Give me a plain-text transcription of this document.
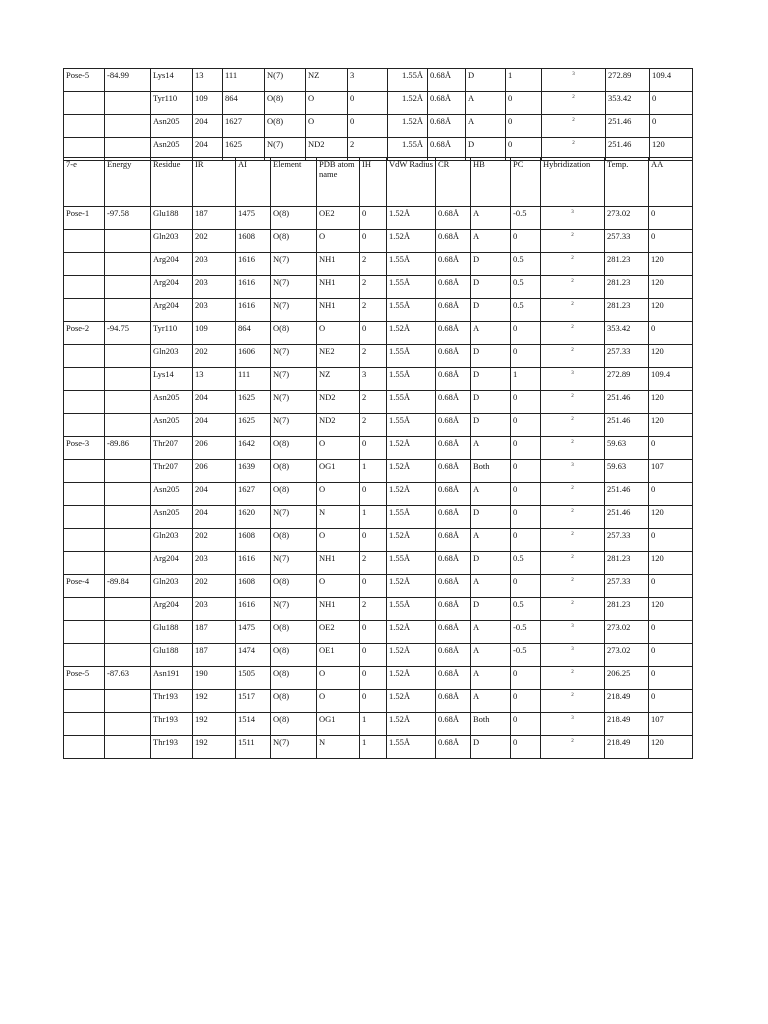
Pose-5	-84.99	Lys14	13	111	N(7)	NZ	3	1.55Å	0.68Å	D	1	3	272.89	109.4
		Tyr110	109	864	O(8)	O	0	1.52Å	0.68Å	A	0	2	353.42	0
		Asn205	204	1627	O(8)	O	0	1.52Å	0.68Å	A	0	2	251.46	0
		Asn205	204	1625	N(7)	ND2	2	1.55Å	0.68Å	D	0	2	251.46	120
7-e	Energy	Residue	IR	AI	Element	PDB atom name	IH	VdW Radius	CR	HB	PC	Hybridization	Temp.	AA
Pose-1	-97.58	Glu188	187	1475	O(8)	OE2	0	1.52Å	0.68Å	A	-0.5	3	273.02	0
		Gln203	202	1608	O(8)	O	0	1.52Å	0.68Å	A	0	2	257.33	0
		Arg204	203	1616	N(7)	NH1	2	1.55Å	0.68Å	D	0.5	2	281.23	120
		Arg204	203	1616	N(7)	NH1	2	1.55Å	0.68Å	D	0.5	2	281.23	120
		Arg204	203	1616	N(7)	NH1	2	1.55Å	0.68Å	D	0.5	2	281.23	120
Pose-2	-94.75	Tyr110	109	864	O(8)	O	0	1.52Å	0.68Å	A	0	2	353.42	0
		Gln203	202	1606	N(7)	NE2	2	1.55Å	0.68Å	D	0	2	257.33	120
		Lys14	13	111	N(7)	NZ	3	1.55Å	0.68Å	D	1	3	272.89	109.4
		Asn205	204	1625	N(7)	ND2	2	1.55Å	0.68Å	D	0	2	251.46	120
		Asn205	204	1625	N(7)	ND2	2	1.55Å	0.68Å	D	0	2	251.46	120
Pose-3	-89.86	Thr207	206	1642	O(8)	O	0	1.52Å	0.68Å	A	0	2	59.63	0
		Thr207	206	1639	O(8)	OG1	1	1.52Å	0.68Å	Both	0	3	59.63	107
		Asn205	204	1627	O(8)	O	0	1.52Å	0.68Å	A	0	2	251.46	0
		Asn205	204	1620	N(7)	N	1	1.55Å	0.68Å	D	0	2	251.46	120
		Gln203	202	1608	O(8)	O	0	1.52Å	0.68Å	A	0	2	257.33	0
		Arg204	203	1616	N(7)	NH1	2	1.55Å	0.68Å	D	0.5	2	281.23	120
Pose-4	-89.84	Gln203	202	1608	O(8)	O	0	1.52Å	0.68Å	A	0	2	257.33	0
		Arg204	203	1616	N(7)	NH1	2	1.55Å	0.68Å	D	0.5	2	281.23	120
		Glu188	187	1475	O(8)	OE2	0	1.52Å	0.68Å	A	-0.5	3	273.02	0
		Glu188	187	1474	O(8)	OE1	0	1.52Å	0.68Å	A	-0.5	3	273.02	0
Pose-5	-87.63	Asn191	190	1505	O(8)	O	0	1.52Å	0.68Å	A	0	2	206.25	0
		Thr193	192	1517	O(8)	O	0	1.52Å	0.68Å	A	0	2	218.49	0
		Thr193	192	1514	O(8)	OG1	1	1.52Å	0.68Å	Both	0	3	218.49	107
		Thr193	192	1511	N(7)	N	1	1.55Å	0.68Å	D	0	2	218.49	120
